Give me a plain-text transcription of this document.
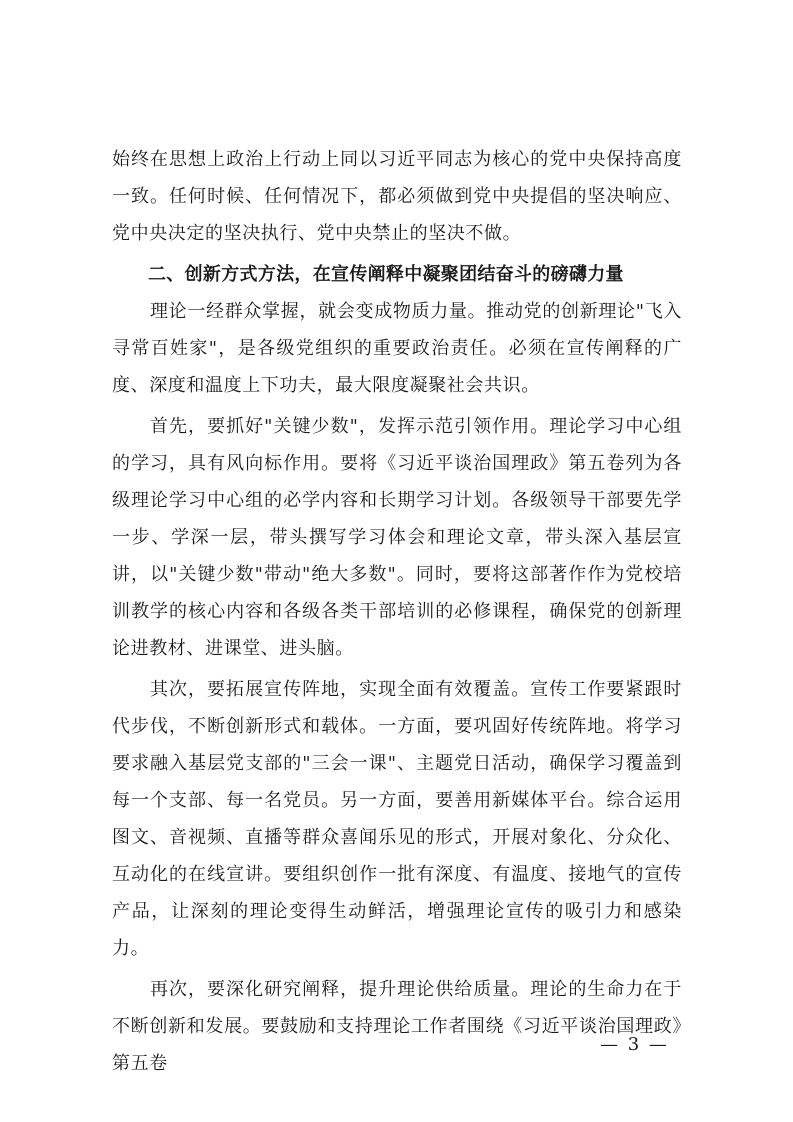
始终在思想上政治上行动上同以习近平同志为核心的党中央保持高度一致。任何时候、任何情况下，都必须做到党中央提倡的坚决响应、党中央决定的坚决执行、党中央禁止的坚决不做。

二、创新方式方法，在宣传阐释中凝聚团结奋斗的磅礴力量

理论一经群众掌握，就会变成物质力量。推动党的创新理论"飞入寻常百姓家"，是各级党组织的重要政治责任。必须在宣传阐释的广度、深度和温度上下功夫，最大限度凝聚社会共识。

首先，要抓好"关键少数"，发挥示范引领作用。理论学习中心组的学习，具有风向标作用。要将《习近平谈治国理政》第五卷列为各级理论学习中心组的必学内容和长期学习计划。各级领导干部要先学一步、学深一层，带头撰写学习体会和理论文章，带头深入基层宣讲，以"关键少数"带动"绝大多数"。同时，要将这部著作作为党校培训教学的核心内容和各级各类干部培训的必修课程，确保党的创新理论进教材、进课堂、进头脑。

其次，要拓展宣传阵地，实现全面有效覆盖。宣传工作要紧跟时代步伐，不断创新形式和载体。一方面，要巩固好传统阵地。将学习要求融入基层党支部的"三会一课"、主题党日活动，确保学习覆盖到每一个支部、每一名党员。另一方面，要善用新媒体平台。综合运用图文、音视频、直播等群众喜闻乐见的形式，开展对象化、分众化、互动化的在线宣讲。要组织创作一批有深度、有温度、接地气的宣传产品，让深刻的理论变得生动鲜活，增强理论宣传的吸引力和感染力。

再次，要深化研究阐释，提升理论供给质量。理论的生命力在于不断创新和发展。要鼓励和支持理论工作者围绕《习近平谈治国理政》第五卷

— 3 —
